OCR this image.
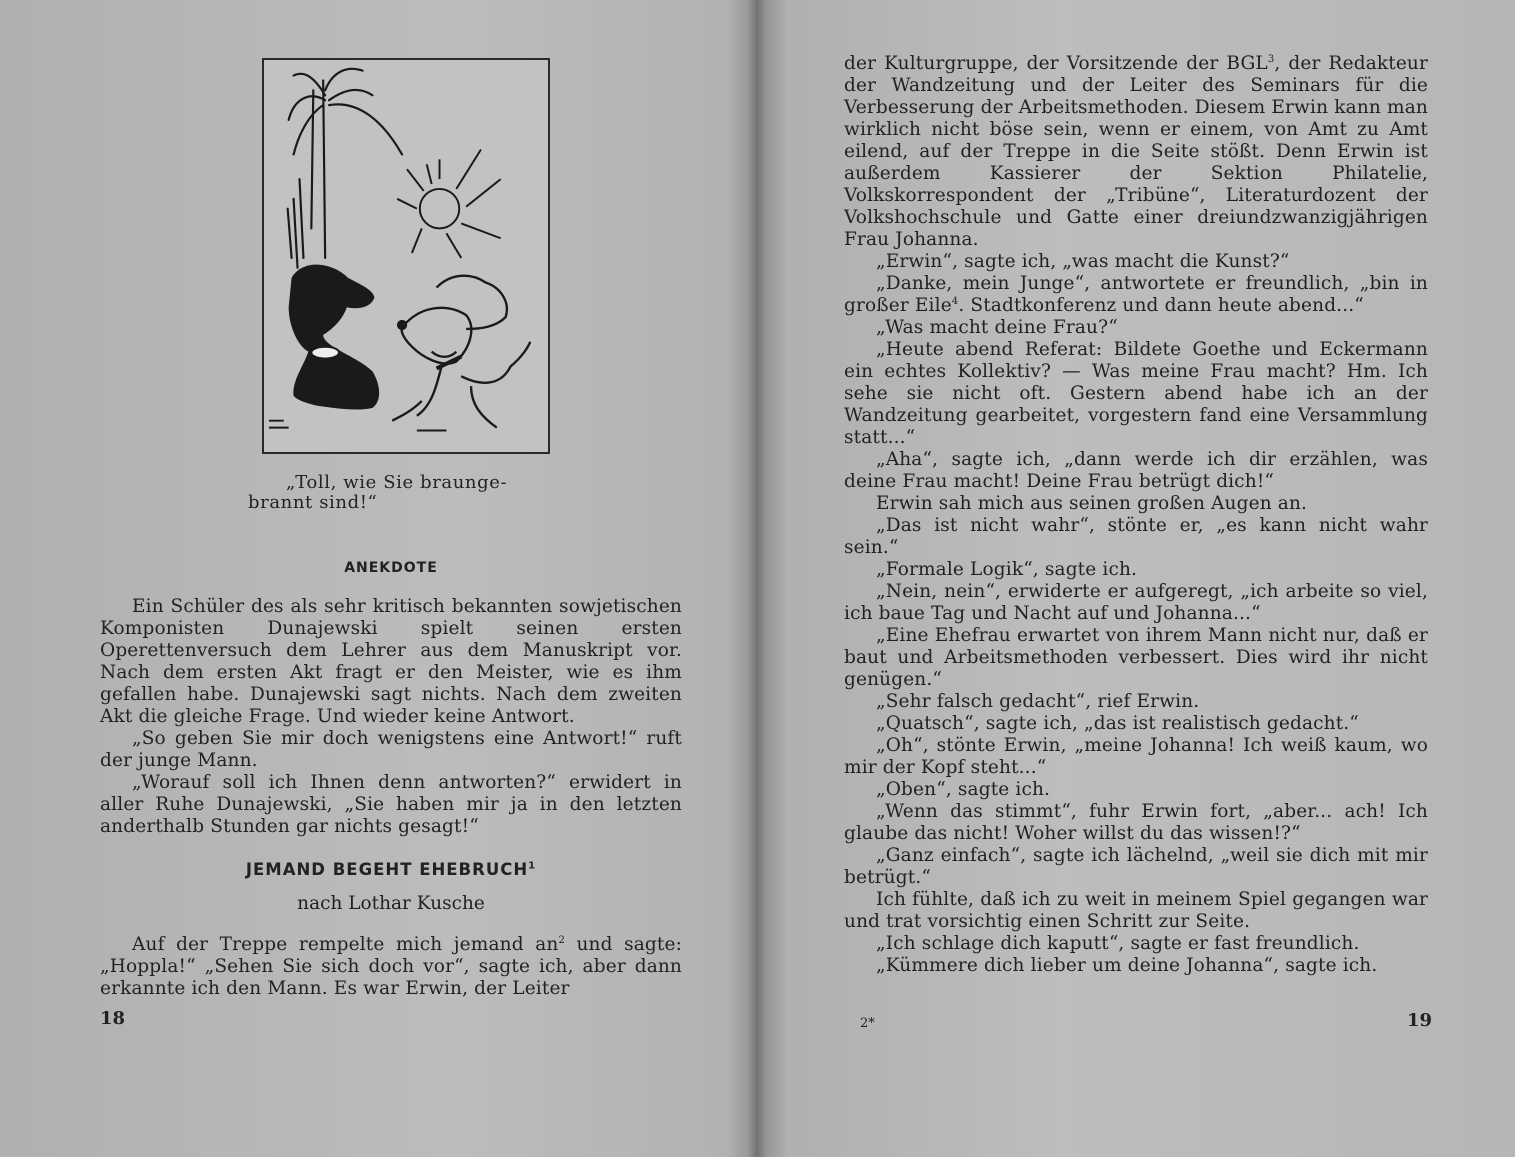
„Toll, wie Sie braunge-
brannt sind!“
ANEKDOTE

Ein Schüler des als sehr kritisch bekannten sowjetischen Komponisten Dunajewski spielt seinen ersten Operettenversuch dem Lehrer aus dem Manuskript vor. Nach dem ersten Akt fragt er den Meister, wie es ihm gefallen habe. Dunajewski sagt nichts. Nach dem zweiten Akt die gleiche Frage. Und wieder keine Antwort.

„So geben Sie mir doch wenigstens eine Antwort!“ ruft der junge Mann.

„Worauf soll ich Ihnen denn antworten?“ erwidert in aller Ruhe Dunajewski, „Sie haben mir ja in den letzten anderthalb Stunden gar nichts gesagt!“

JEMAND BEGEHT EHEBRUCH$^1$
nach Lothar Kusche

Auf der Treppe rempelte mich jemand $an^2$ und sagte: „Hoppla!“ „Sehen Sie sich doch vor“, sagte ich, aber dann erkannte ich den Mann. Es war Erwin, der Leiter

18

der Kulturgruppe, der Vorsitzende der BGL$^3$, der Redakteur der Wandzeitung und der Leiter des Seminars für die Verbesserung der Arbeitsmethoden. Diesem Erwin kann man wirklich nicht böse sein, wenn er einem, von Amt zu Amt eilend, auf der Treppe in die Seite stößt. Denn Erwin ist außerdem Kassierer der Sektion Philatelie, Volkskorrespondent der „Tribüne“, Literaturdozent der Volkshochschule und Gatte einer dreiundzwanzigjährigen Frau Johanna.

„Erwin“, sagte ich, „was macht die Kunst?“

„Danke, mein Junge“, antwortete er freundlich, „bin in großer Eile$^4$. Stadtkonferenz und dann heute abend...“

„Was macht deine Frau?“

„Heute abend Referat: Bildete Goethe und Eckermann ein echtes Kollektiv? — Was meine Frau macht? Hm. Ich sehe sie nicht oft. Gestern abend habe ich an der Wandzeitung gearbeitet, vorgestern fand eine Versammlung statt...“

„Aha“, sagte ich, „dann werde ich dir erzählen, was deine Frau macht! Deine Frau betrügt dich!“

Erwin sah mich aus seinen großen Augen an.

„Das ist nicht wahr“, stönte er, „es kann nicht wahr sein.“

„Formale Logik“, sagte ich.

„Nein, nein“, erwiderte er aufgeregt, „ich arbeite so viel, ich baue Tag und Nacht auf und Johanna...“

„Eine Ehefrau erwartet von ihrem Mann nicht nur, daß er baut und Arbeitsmethoden verbessert. Dies wird ihr nicht genügen.“

„Sehr falsch gedacht“, rief Erwin.

„Quatsch“, sagte ich, „das ist realistisch gedacht.“

„Oh“, stönte Erwin, „meine Johanna! Ich weiß kaum, wo mir der Kopf steht...“

„Oben“, sagte ich.

„Wenn das stimmt“, fuhr Erwin fort, „aber... ach! Ich glaube das nicht! Woher willst du das wissen!?“

„Ganz einfach“, sagte ich lächelnd, „weil sie dich mit mir betrügt.“

Ich fühlte, daß ich zu weit in meinem Spiel gegangen war und trat vorsichtig einen Schritt zur Seite.

„Ich schlage dich kaputt“, sagte er fast freundlich.

„Kümmere dich lieber um deine Johanna“, sagte ich.

2*	19
